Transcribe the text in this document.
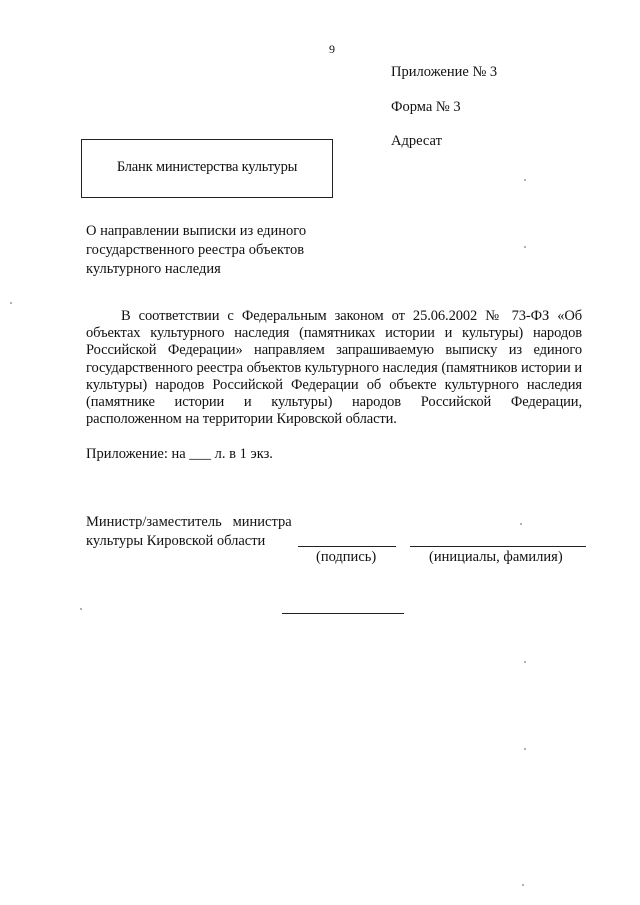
9
Приложение № 3
Форма № 3
Адресат
Бланк министерства культуры
О направлении выписки из единого
государственного реестра объектов
культурного наследия
В соответствии с Федеральным законом от 25.06.2002 № 73-ФЗ «Об объектах культурного наследия (памятниках истории и культуры) народов Российской Федерации» направляем запрашиваемую выписку из единого государственного реестра объектов культурного наследия (памятников истории и культуры) народов Российской Федерации об объекте культурного наследия (памятнике истории и культуры) народов Российской Федерации, расположенном на территории Кировской области.
Приложение: на ___ л. в 1 экз.
Министр/заместитель   министра
культуры Кировской области
(подпись)	(инициалы, фамилия)
